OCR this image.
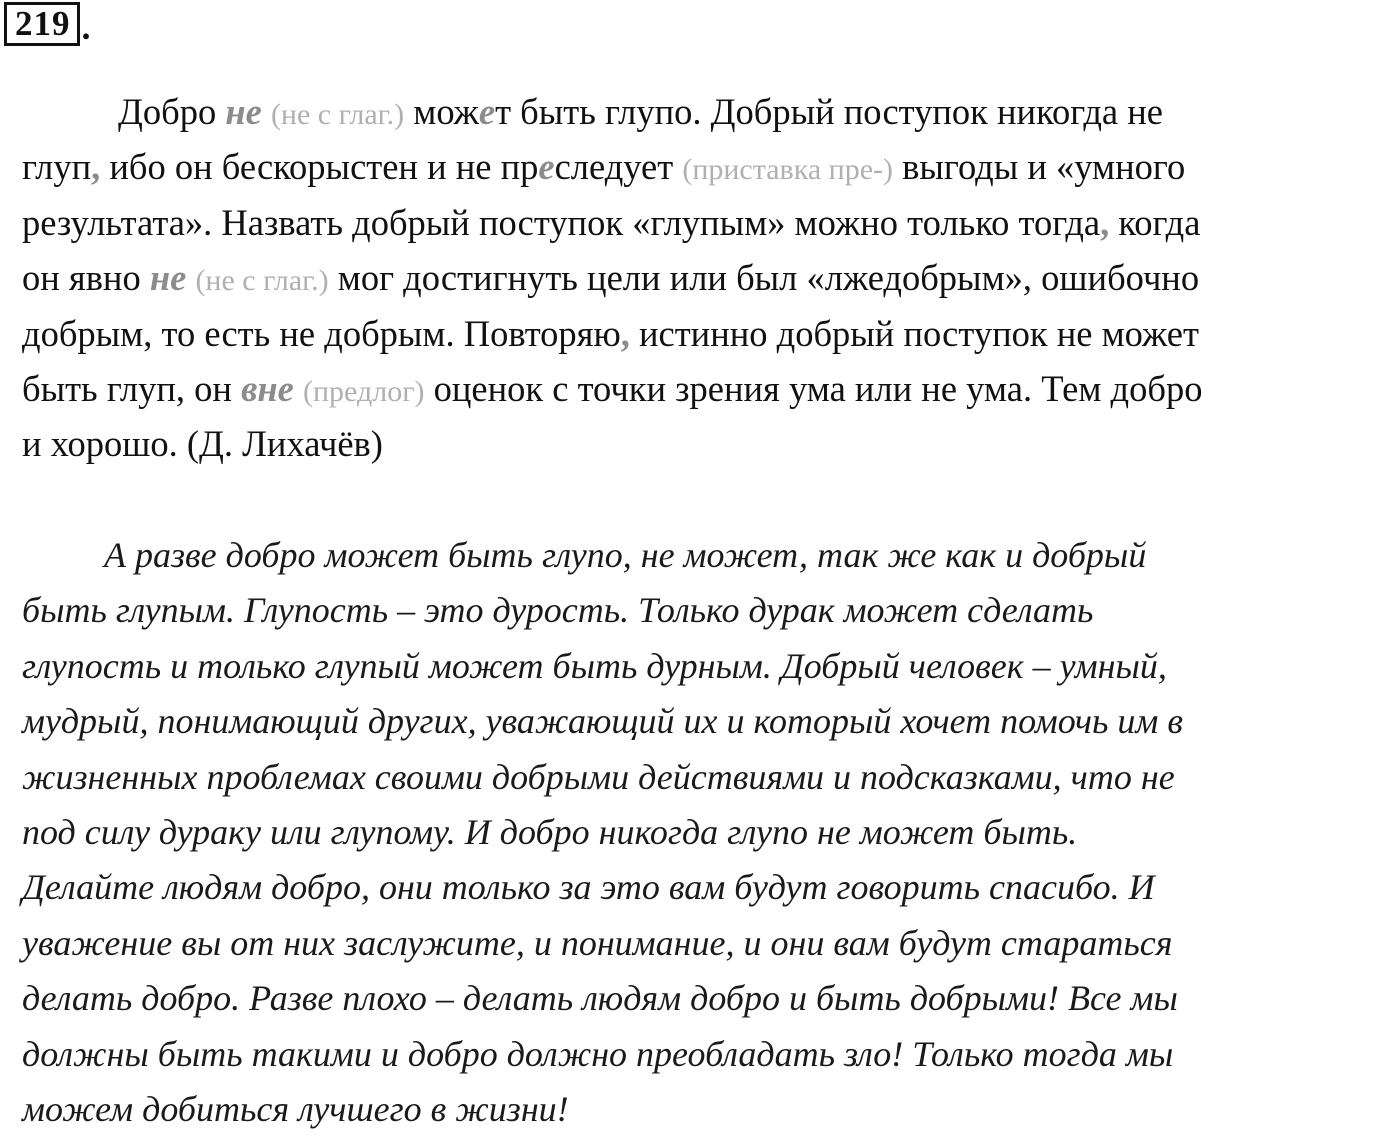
219 .
Добро не (не с глаг.) может быть глупо. Добрый поступок никогда не
глуп, ибо он бескорыстен и не преследует (приставка пре-) выгоды и «умного
результата». Назвать добрый поступок «глупым» можно только тогда, когда
он явно не (не с глаг.) мог достигнуть цели или был «лжедобрым», ошибочно
добрым, то есть не добрым. Повторяю, истинно добрый поступок не может
быть глуп, он вне (предлог) оценок с точки зрения ума или не ума. Тем добро
и хорошо. (Д. Лихачёв)
А разве добро может быть глупо, не может, так же как и добрый
быть глупым. Глупость – это дурость. Только дурак может сделать
глупость и только глупый может быть дурным. Добрый человек – умный,
мудрый, понимающий других, уважающий их и который хочет помочь им в
жизненных проблемах своими добрыми действиями и подсказками, что не
под силу дураку или глупому. И добро никогда глупо не может быть.
Делайте людям добро, они только за это вам будут говорить спасибо. И
уважение вы от них заслужите, и понимание, и они вам будут стараться
делать добро. Разве плохо – делать людям добро и быть добрыми! Все мы
должны быть такими и добро должно преобладать зло! Только тогда мы
можем добиться лучшего в жизни!
